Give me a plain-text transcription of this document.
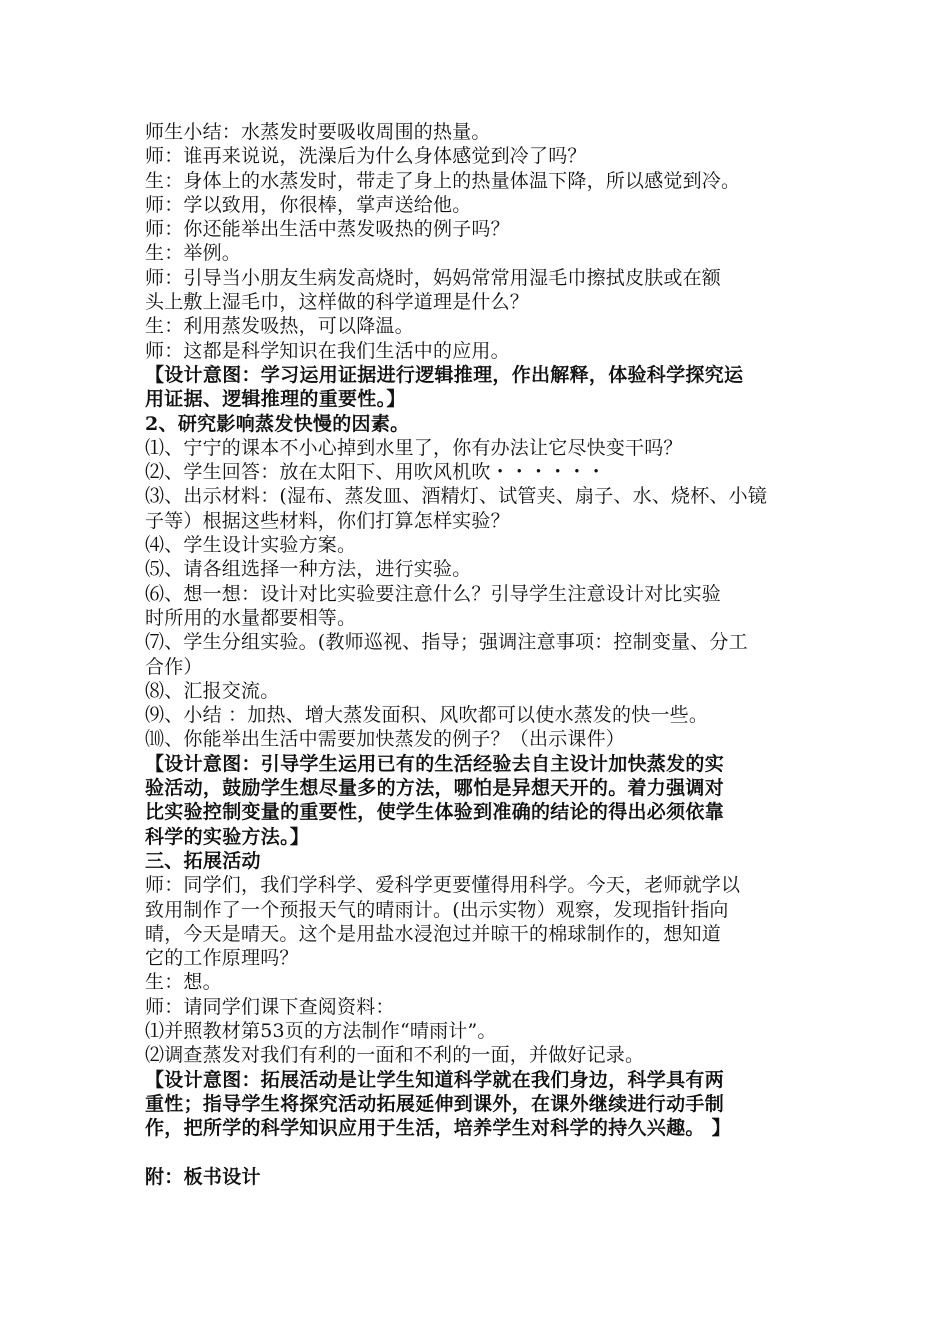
师生小结：水蒸发时要吸收周围的热量。
师：谁再来说说，洗澡后为什么身体感觉到冷了吗？
生：身体上的水蒸发时，带走了身上的热量体温下降，所以感觉到冷。
师：学以致用，你很棒，掌声送给他。
师：你还能举出生活中蒸发吸热的例子吗？
生：举例。
师：引导当小朋友生病发高烧时，妈妈常常用湿毛巾擦拭皮肤或在额
头上敷上湿毛巾，这样做的科学道理是什么？
生：利用蒸发吸热，可以降温。
师：这都是科学知识在我们生活中的应用。
【设计意图：学习运用证据进行逻辑推理，作出解释，体验科学探究运
用证据、逻辑推理的重要性。】
2、研究影响蒸发快慢的因素。
⑴、宁宁的课本不小心掉到水里了，你有办法让它尽快变干吗？
⑵、学生回答：放在太阳下、用吹风机吹・・・・・・
⑶、出示材料：(湿布、蒸发皿、酒精灯、试管夹、扇子、水、烧杯、小镜
子等）根据这些材料，你们打算怎样实验？
⑷、学生设计实验方案。
⑸、请各组选择一种方法，进行实验。
⑹、想一想：设计对比实验要注意什么？引导学生注意设计对比实验
时所用的水量都要相等。
⑺、学生分组实验。(教师巡视、指导；强调注意事项：控制变量、分工
合作）
⑻、汇报交流。
⑼、小结 ：加热、增大蒸发面积、风吹都可以使水蒸发的快一些。
⑽、你能举出生活中需要加快蒸发的例子？（出示课件）
【设计意图：引导学生运用已有的生活经验去自主设计加快蒸发的实
验活动，鼓励学生想尽量多的方法，哪怕是异想天开的。着力强调对
比实验控制变量的重要性，使学生体验到准确的结论的得出必须依靠
科学的实验方法。】
三、拓展活动
师：同学们，我们学科学、爱科学更要懂得用科学。今天，老师就学以
致用制作了一个预报天气的晴雨计。(出示实物）观察，发现指针指向
晴，今天是晴天。这个是用盐水浸泡过并晾干的棉球制作的，想知道
它的工作原理吗？
生：想。
师：请同学们课下查阅资料：
⑴并照教材第53页的方法制作“晴雨计”。
⑵调查蒸发对我们有利的一面和不利的一面，并做好记录。
【设计意图：拓展活动是让学生知道科学就在我们身边，科学具有两
重性；指导学生将探究活动拓展延伸到课外，在课外继续进行动手制
作，把所学的科学知识应用于生活，培养学生对科学的持久兴趣。 】
附：板书设计
